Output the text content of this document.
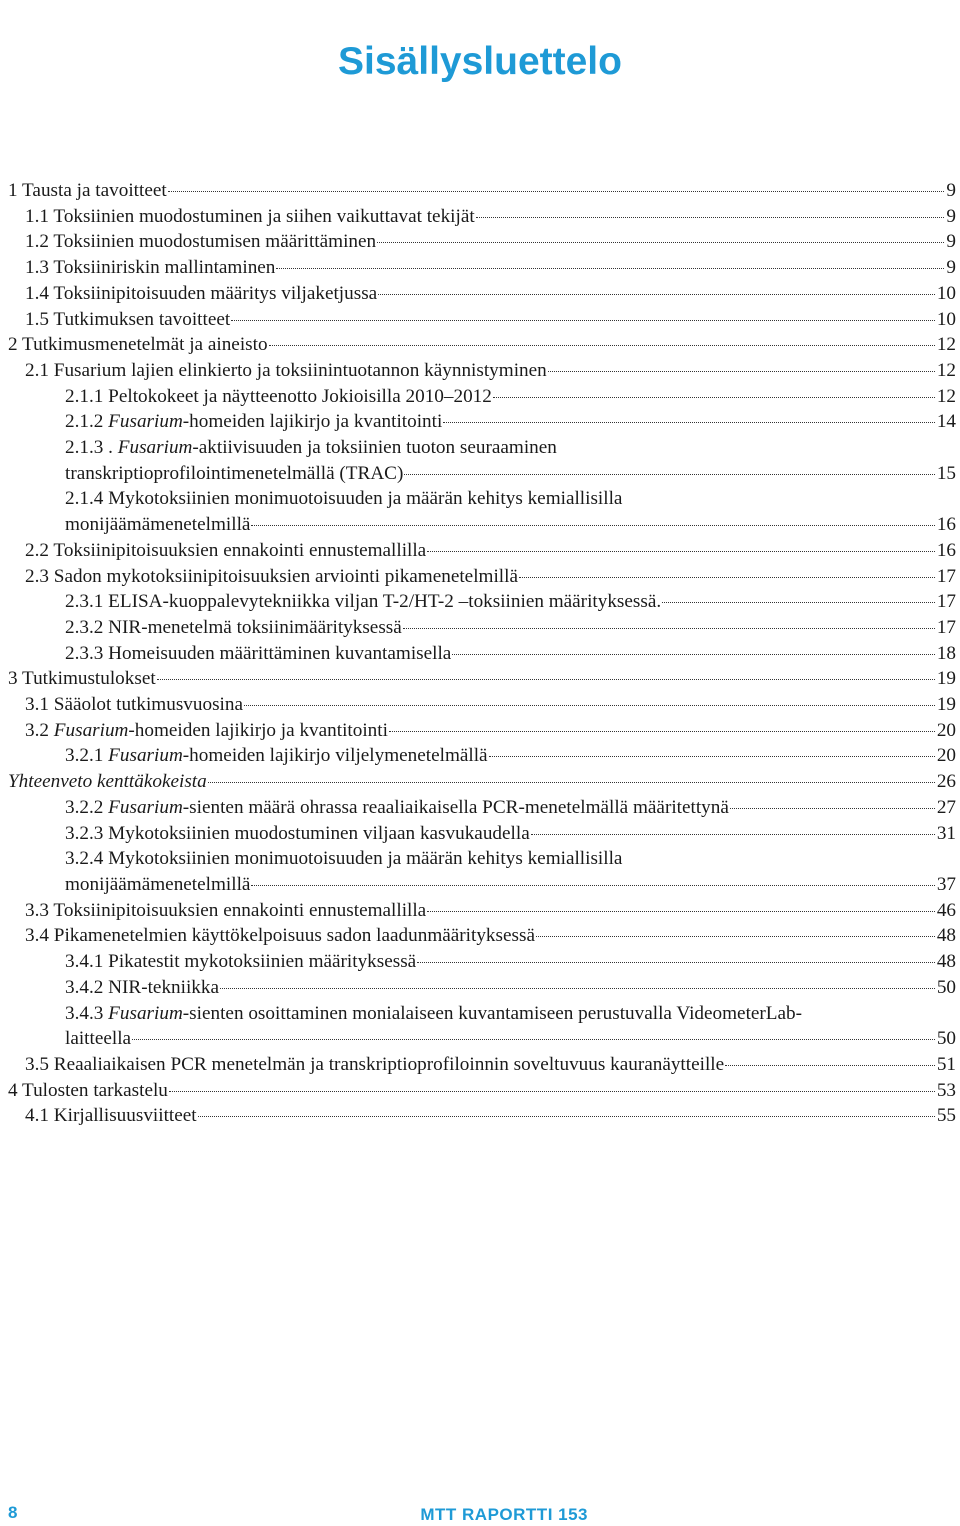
Sisällysluettelo
1 Tausta ja tavoitteet	9
1.1 Toksiinien muodostuminen ja siihen vaikuttavat tekijät	9
1.2 Toksiinien muodostumisen määrittäminen	9
1.3 Toksiiniriskin mallintaminen	9
1.4 Toksiinipitoisuuden määritys viljaketjussa	10
1.5 Tutkimuksen tavoitteet	10
2 Tutkimusmenetelmät ja aineisto	12
2.1 Fusarium lajien elinkierto ja toksiinintuotannon käynnistyminen	12
2.1.1 Peltokokeet ja näytteenotto Jokioisilla 2010‒2012	12
2.1.2 Fusarium-homeiden lajikirjo ja kvantitointi	14
2.1.3 . Fusarium-aktiivisuuden ja toksiinien tuoton seuraaminen
transkriptioprofilointimenetelmällä (TRAC)	15
2.1.4 Mykotoksiinien monimuotoisuuden ja määrän kehitys kemiallisilla
monijäämämenetelmillä	16
2.2 Toksiinipitoisuuksien ennakointi ennustemallilla	16
2.3 Sadon mykotoksiinipitoisuuksien arviointi pikamenetelmillä	17
2.3.1 ELISA-kuoppalevytekniikka viljan T-2/HT-2 –toksiinien määrityksessä.	17
2.3.2 NIR-menetelmä toksiinimäärityksessä	17
2.3.3 Homeisuuden määrittäminen kuvantamisella	18
3 Tutkimustulokset	19
3.1 Sääolot tutkimusvuosina	19
3.2 Fusarium-homeiden lajikirjo ja kvantitointi	20
3.2.1 Fusarium-homeiden lajikirjo viljelymenetelmällä	20
Yhteenveto kenttäkokeista	26
3.2.2 Fusarium-sienten määrä ohrassa reaaliaikaisella PCR-menetelmällä määritettynä	27
3.2.3 Mykotoksiinien muodostuminen viljaan kasvukaudella	31
3.2.4 Mykotoksiinien monimuotoisuuden ja määrän kehitys kemiallisilla
monijäämämenetelmillä	37
3.3 Toksiinipitoisuuksien ennakointi ennustemallilla	46
3.4 Pikamenetelmien käyttökelpoisuus sadon laadunmäärityksessä	48
3.4.1 Pikatestit mykotoksiinien määrityksessä	48
3.4.2 NIR-tekniikka	50
3.4.3 Fusarium-sienten osoittaminen monialaiseen kuvantamiseen perustuvalla VideometerLab-
laitteella	50
3.5 Reaaliaikaisen PCR menetelmän ja transkriptioprofiloinnin soveltuvuus kauranäytteille	51
4 Tulosten tarkastelu	53
4.1 Kirjallisuusviitteet	55
8	MTT RAPORTTI 153
